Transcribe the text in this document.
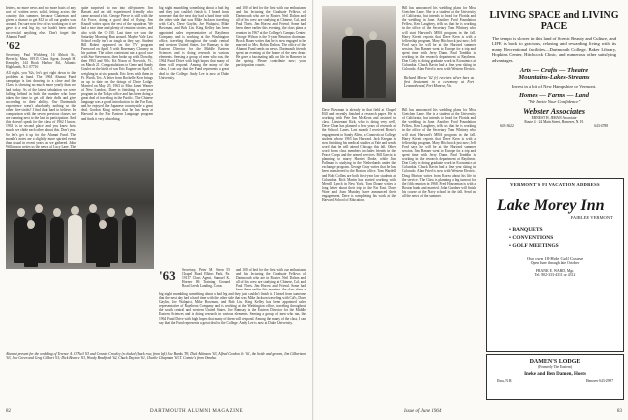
letters, no more news and no more basis of any sort of written news solid, letting across the country this summer, because Chairman and given a chance to get $12 to all our grades was around. I'm sure now few of us working on it we gave it a real big try, we hadn't been rather successful anything else. Don't forget the Alumni Fund!

'62
Secretary, Paul Wickberg 16 Abbott St., Beverly, Mass. 01915 Class Agent, Joseph H. Kempley 144 Hook Harbor Rd., Atlantic Highlands, N.J. 07716

All right, you '62s, let's get right down to the problem at hand. The 1964 Alumni Fund campaign is fast drawing to a close and the Class is showing no much more yearly than we had today. As of the latest tabulation we were falling behind in both the number who have taken the time to get off their duffs and give according to their ability. Our Dartmouth experience wasn't absolutely nothing so the other five-sixths? I find that hard to believe. In comparison with the seven previous classes we are running next to the last in participation. And this doesn't speak for the class of 1962 I know. 1963 is in second place and you know how much we chide each other about this. Don't you. So let's get it up for the Alumni Fund. The month's notes are a slightly more spirited event than usual in recent years as we gathered. John Wilkinson writes us the news of Lucy Lane. The

quite surprised to run into old-pioneer. Jim Bassett and an old experienced friendly who came around a bit. George Pierce is still with the Air Force, doing a good deal of flying. Jim Knauff writes upon the rest of the squadron. We had a nice time and plenty of reunion stories, and also with the C-130. Last time we saw the Saturday Morning Run around. Maybe Vale Law School really isn't as tough as they say. Student Bill Robert appeared on the TV program Password on April 5 with Rosemary Clooney as his partner. The other contestant ran a good race with Sue Stevenson, then broke up with Dorothy, then 1963 and '60s. Kit Nixon of Norwich, Vt., on March 21. Congratulations to Gene and Sandy Goulet on the birth of son Eric Eugene on April 5, weighing in at six pounds. Eric lives with them in Ft. Worth, Tex. A letter from Rochelle Kerr brings us up to date on the doings of Dave Lodge. Married on May 25, 1963 to Miss Janet Warner of New London, Dave is finishing a one-year program in the Tokyo office and has been doing a great deal of traveling in the Pacific. The Chinese language was a good introduction to the Far East, and he enjoyed the Japanese countryside a great deal. Gordon King writes that he has been at Harvard in the Far Eastern Language program and finds it very absorbing.

big night mumbling something about a bad leg and they just couldn't finish it. I heard from someone that the next day had a hard time with the other side that was Mike Jackson traveling with Cal's, Dave Gaylin, Joe Walquist, Mike Bowman, and Bob Lin. King Kelley has been appointed sales representative of Raytheon Company and is working at the Washington office, traveling throughout the south central and western United States. Joe Rumsay is the Eastern Director for the Middle Eastern Sciences and is doing research in various elements. Sensing a group of men who ran, the 1964 Fund Drive with high hopes that many of them will respond. Among the many of the class, I can say that the Fund represents a great deal to the College. Andy Lee is now at Duke University.

and 100 of bed for the first with our enthusiasm and his lecturing the Graduate Fellows of Dartmouth who are in Roster. Neil Dalton and all of his crew are studying at Chinese, Cal, and Paul Theis. Jim Horow and Friend. Some had been there earlier this evening, the class plans a reunion in 1967 at the College's Campus Center. George Wilson is the 5-year Reunion chairman. Brock Bauer writes that he is now engaged to be married to Mrs. Robin Dalton. The office of the Alumni Fund sends on news. Dartmouth friends spent an evening at the home of the new dean. He gave a fascinating talk on life in Hanover in the spring. Please contribute now; your participation counts.

'63	Secretary, Peter M. Stern 55 Chapel Road Elkins Park, Pa. 19117 Class Agent, Samuel K. Horner 86 Training Ground Road Leeds Landing, Conn.

and 100 of bed for the first with our enthusiasm and his lecturing the Graduate Fellows of Dartmouth who are in Roster. Neil Dalton and all of his crew are studying at Chinese, Cal, and Paul Theis. Jim Horow and Friend. Some had

Alumni present for the wedding of Terence A. O'Neil '63 and Connie Crowley (n cluded (back row, from left) Joe Banks '59, Dick Atkinson '63, Alfred Gordon Jr. '61, the bride and groom, Jim Gilbertson '63, Joe Green and Greg Gilbert '61; Dick Bearce '63, Woody Bradford '62, Chuck Dayton '61, Charlie Chapman '63.T. Connie's from Omaha.

big night mumbling something about a bad leg and they just couldn't finish it. I heard from someone that the next day had a hard time with the other side that was Mike Jackson traveling with Cal's, Dave Gaylin, Joe Walquist, Mike Bowman, and Bob Lin. King Kelley has been appointed sales representative of Raytheon Company and is working at the Washington office, traveling throughout the south central and western United States. Joe Rumsay is the Eastern Director for the Middle Eastern Sciences and is doing research in various elements. Sensing a group of men who ran, the 1964 Fund Drive with high hopes that many of them will respond. Among the many of the class, I can say that the Fund represents a great deal to the College. Andy Lee is now at Duke University.

82	DARTMOUTH ALUMNI MAGAZINE
Richard Morse '62 (r) receives silver bars as first lieutenant in a ceremony at Fort Leonardwood, Fort Monroe, Va.

Dave Bowman is already in that field at Chapel Hill and recently finished a research paper. He is working with Pete Jim McKeon and assisted in class. Lieutenant Kirk, who is doing very well, Dave Chan has planned a few years of research at the School. Lanes. Last month I received Rosie's engagement to Sandy Allen, a Connecticut College student whose 1965 has Harvard. Jack Keegan is now finishing his medical studies at Yale and sends word that he will attend Chicago this fall. Other word from class members includes friends in the Peace Corps and the armed services. Bill Garcia is planning to marry Harriet Drake, while Jim Pullman is studying in the Netherlands under the exchange program. George Gray writes that he has been transferred to the Boston office. Tom Wardell and Bob Collins are both first-year law students at Columbia. Rich Martin has started working with Merrill Lynch in New York. Tom Doane writes a long letter about their trip to the Far East. Dave Ware and Joan Munday have announced their engagement. Dave is completing his work at the Harvard School of Education.

Bill has announced his wedding plans for Miss Gretchen Lane. She is a student at the University of California, but intends to head for Florida and the wedding in June. Another Ford Foundation Fellow, Ken Laughery, tells us that he is working in the office of the Secretary Tom Whitney who will start Harvard's MBA program in the fall. Harry Kivett reports that Dave Kern is with a fellowship program. Mary Hitchcock just now; Jeff Ford says he will be at the Harvard summer session. Jim Banner went to Europe for a trip and spent time with Jerry Dunn. Paul Tomblin is working in the research department at Raytheon. Don Cody is doing graduate work in Economics at Columbia. Chuck Ravin had a fine year skiing in Colorado. Alan Fried is now with Western Electric. Doug Morton writes from Korea about his life in the service. The Class is planning a big turnout for the fifth reunion in 1968. Fred Houseman is with a Boston bank and married. John Gardner will finish his course at the Navy school in the fall. Send us all the news of the summer.

Bill has announced his wedding plans for Miss Gretchen Lane. She is a student at the University of California, but intends to head for Florida and the wedding in June. Another Ford Foundation Fellow, Ken Laughery, tells us that he is working in the office of the Secretary Tom Whitney who will start Harvard's MBA program in the fall. Harry Kivett reports that Dave Kern is with a fellowship program. Mary Hitchcock just now; Jeff Ford says he will be at the Harvard summer session. Jim Banner went to Europe for a trip and spent time with Jerry Dunn. Paul Tomblin is working in the research department at Raytheon. Don Cody is doing graduate work in Economics at Columbia. Chuck Ravin had a fine year skiing in Colorado. Alan Fried is now with Western Electric.

LIVING SPACE and LIVING PACE
The tempo is slower in this land of Scenic Beauty and Culture, and LIFE is back to gracious, relaxing and rewarding living with its many Recreational facilities—Dartmouth College, Baker Library, Hopkins Center, Hitchcock Clinic, and numerous other satisfying advantages.
Arts — Crafts — Theatre
Mountains-Lakes-Streams
Invest in a bit of New Hampshire or Vermont.
Homes — Farms — Land
"We Invite Your Confidence"
Webster Associates
ERNEST H. JEHAN Associate
Route 4 · 24 Main Street, Hanover, N. H.
643-3622	643-4788
VERMONT'S FI VACATION ADDRESS
Lake Morey Inn
FAIRLEE VERMONT
• BANQUETS
• CONVENTIONS
• GOLF MEETINGS
Our own 18-Hole Golf Course
Open June through late October
FRANK E. WARD, Mgr.
Tel. 802-333-4311 or 4312
DAMEN'S LODGE
(Formerly The Eastern)
Ineke and Ben Damen, Hosts
Etna, N.H.	Hanover 643-2997
Issue of June 1964	83
